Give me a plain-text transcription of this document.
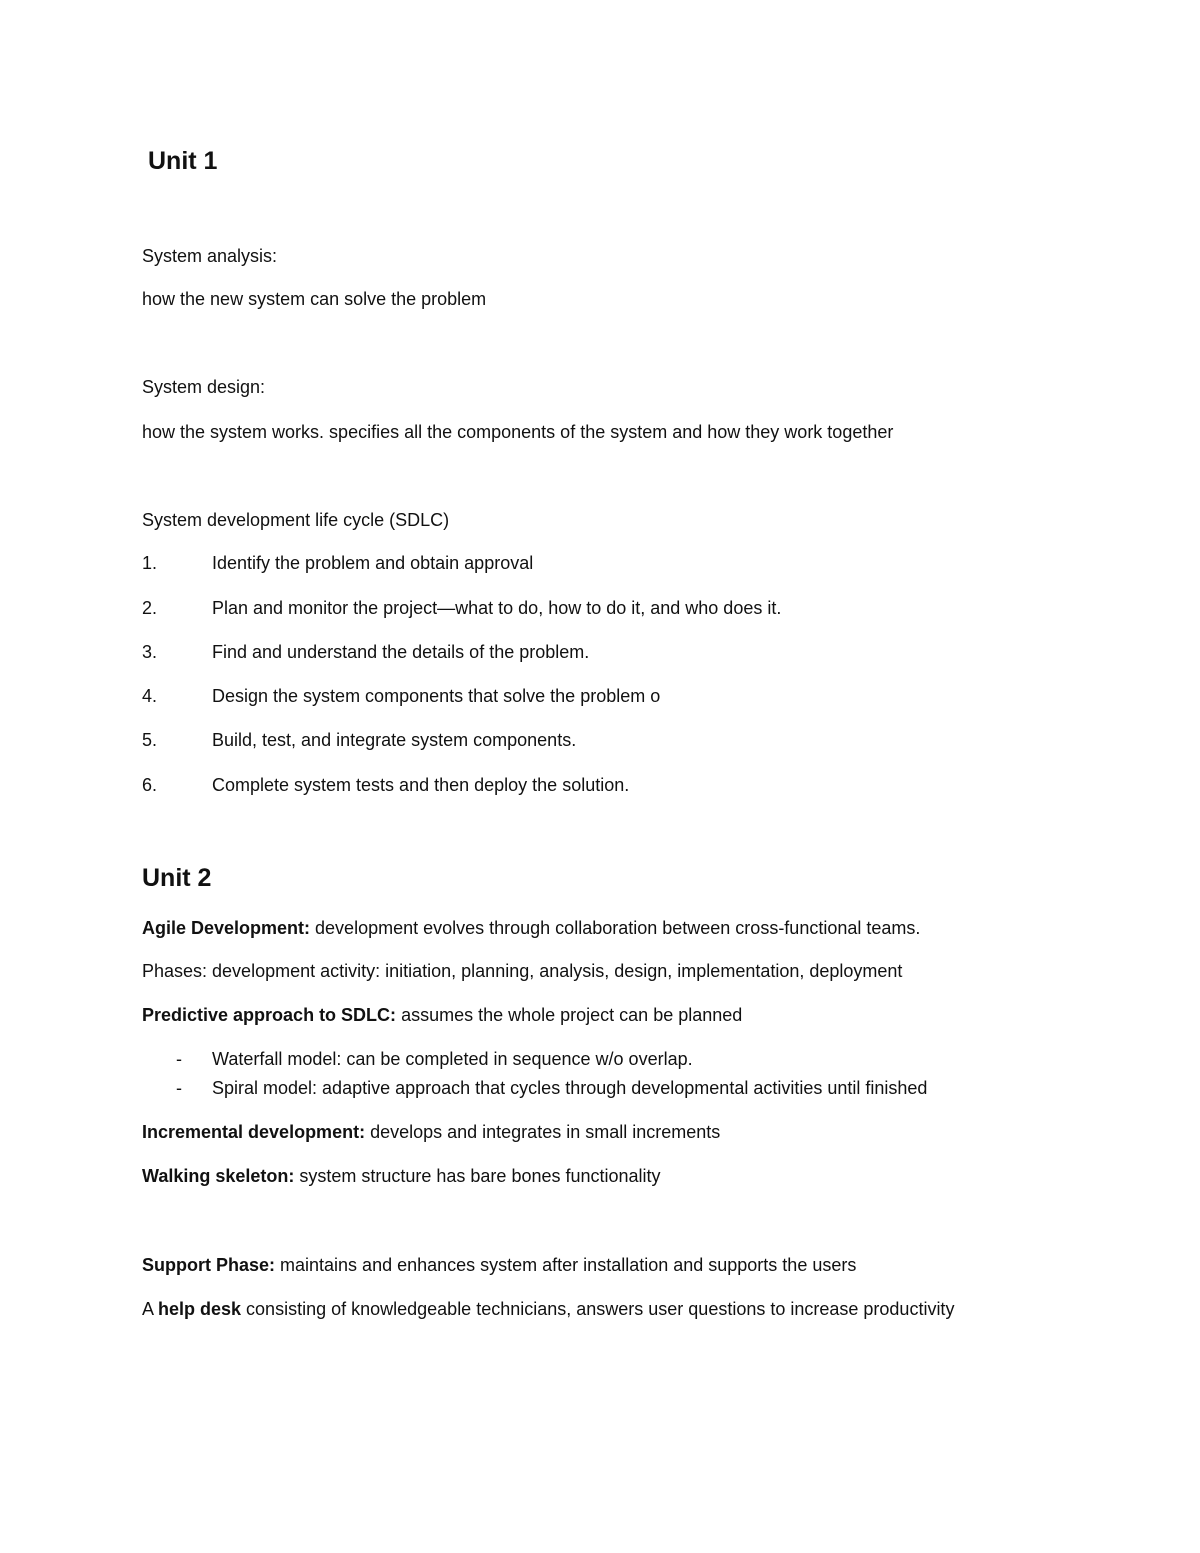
Unit 1
System analysis:
how the new system can solve the problem
System design:
how the system works. specifies all the components of the system and how they work together
System development life cycle (SDLC)
1.	Identify the problem and obtain approval
2.	Plan and monitor the project—what to do, how to do it, and who does it.
3.	Find and understand the details of the problem.
4.	Design the system components that solve the problem o
5.	Build, test, and integrate system components.
6.	Complete system tests and then deploy the solution.
Unit 2
Agile Development: development evolves through collaboration between cross-functional teams.
Phases: development activity: initiation, planning, analysis, design, implementation, deployment
Predictive approach to SDLC: assumes the whole project can be planned
-	Waterfall model: can be completed in sequence w/o overlap.
-	Spiral model: adaptive approach that cycles through developmental activities until finished
Incremental development: develops and integrates in small increments
Walking skeleton: system structure has bare bones functionality
Support Phase: maintains and enhances system after installation and supports the users
A help desk consisting of knowledgeable technicians, answers user questions to increase productivity
